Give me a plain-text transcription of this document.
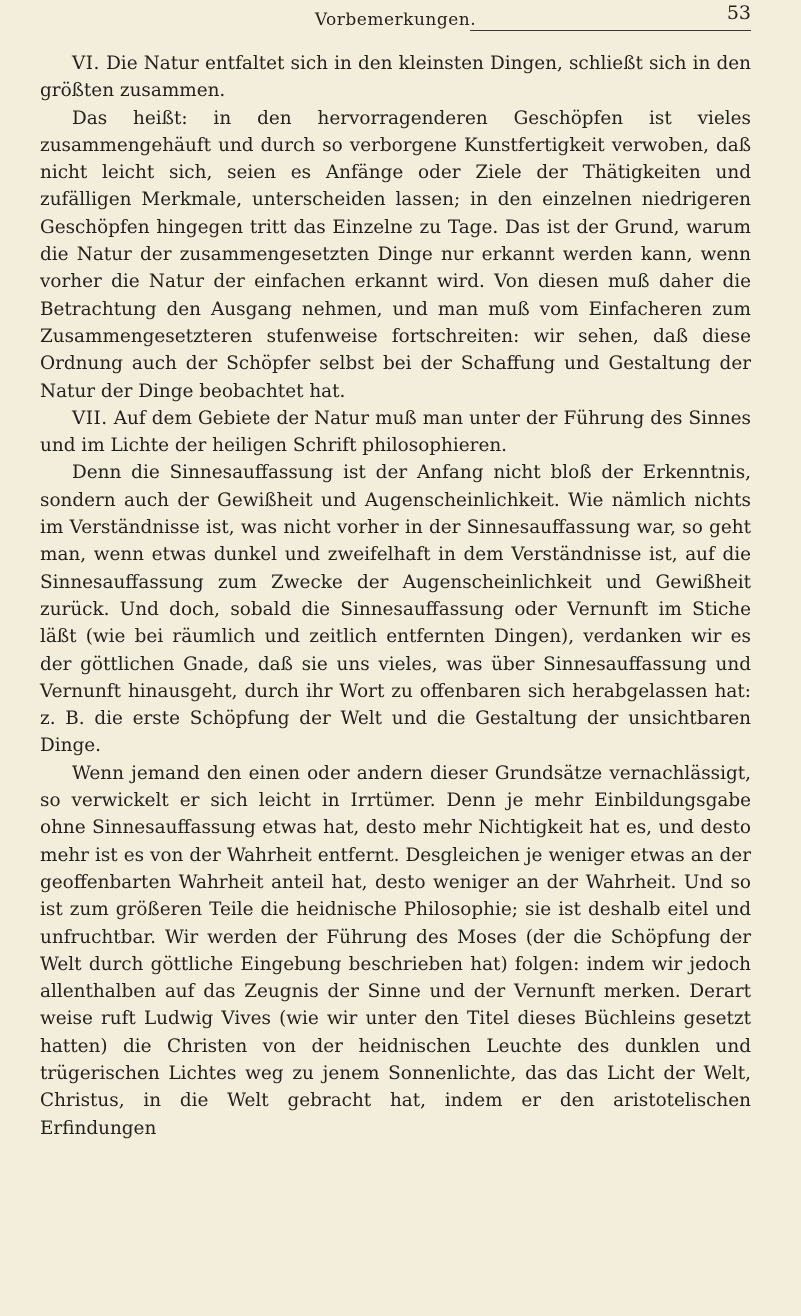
Vorbemerkungen.	53

VI. Die Natur entfaltet sich in den kleinsten Dingen, schließt sich in den größten zusammen.

Das heißt: in den hervorragenderen Geschöpfen ist vieles zusammengehäuft und durch so verborgene Kunstfertigkeit verwoben, daß nicht leicht sich, seien es Anfänge oder Ziele der Thätigkeiten und zufälligen Merkmale, unterscheiden lassen; in den einzelnen niedrigeren Geschöpfen hingegen tritt das Einzelne zu Tage. Das ist der Grund, warum die Natur der zusammengesetzten Dinge nur erkannt werden kann, wenn vorher die Natur der einfachen erkannt wird. Von diesen muß daher die Betrachtung den Ausgang nehmen, und man muß vom Einfacheren zum Zusammengesetzteren stufenweise fortschreiten: wir sehen, daß diese Ordnung auch der Schöpfer selbst bei der Schaffung und Gestaltung der Natur der Dinge beobachtet hat.

VII. Auf dem Gebiete der Natur muß man unter der Führung des Sinnes und im Lichte der heiligen Schrift philosophieren.

Denn die Sinnesauffassung ist der Anfang nicht bloß der Erkenntnis, sondern auch der Gewißheit und Augenscheinlichkeit. Wie nämlich nichts im Verständnisse ist, was nicht vorher in der Sinnesauffassung war, so geht man, wenn etwas dunkel und zweifelhaft in dem Verständnisse ist, auf die Sinnesauffassung zum Zwecke der Augenscheinlichkeit und Gewißheit zurück. Und doch, sobald die Sinnesauffassung oder Vernunft im Stiche läßt (wie bei räumlich und zeitlich entfernten Dingen), verdanken wir es der göttlichen Gnade, daß sie uns vieles, was über Sinnesauffassung und Vernunft hinausgeht, durch ihr Wort zu offenbaren sich herabgelassen hat: z. B. die erste Schöpfung der Welt und die Gestaltung der unsichtbaren Dinge.

Wenn jemand den einen oder andern dieser Grundsätze vernachlässigt, so verwickelt er sich leicht in Irrtümer. Denn je mehr Einbildungsgabe ohne Sinnesauffassung etwas hat, desto mehr Nichtigkeit hat es, und desto mehr ist es von der Wahrheit entfernt. Desgleichen je weniger etwas an der geoffenbarten Wahrheit anteil hat, desto weniger an der Wahrheit. Und so ist zum größeren Teile die heidnische Philosophie; sie ist deshalb eitel und unfruchtbar. Wir werden der Führung des Moses (der die Schöpfung der Welt durch göttliche Eingebung beschrieben hat) folgen: indem wir jedoch allenthalben auf das Zeugnis der Sinne und der Vernunft merken. Derart weise ruft Ludwig Vives (wie wir unter den Titel dieses Büchleins gesetzt hatten) die Christen von der heidnischen Leuchte des dunklen und trügerischen Lichtes weg zu jenem Sonnenlichte, das das Licht der Welt, Christus, in die Welt gebracht hat, indem er den aristotelischen Erfindungen
